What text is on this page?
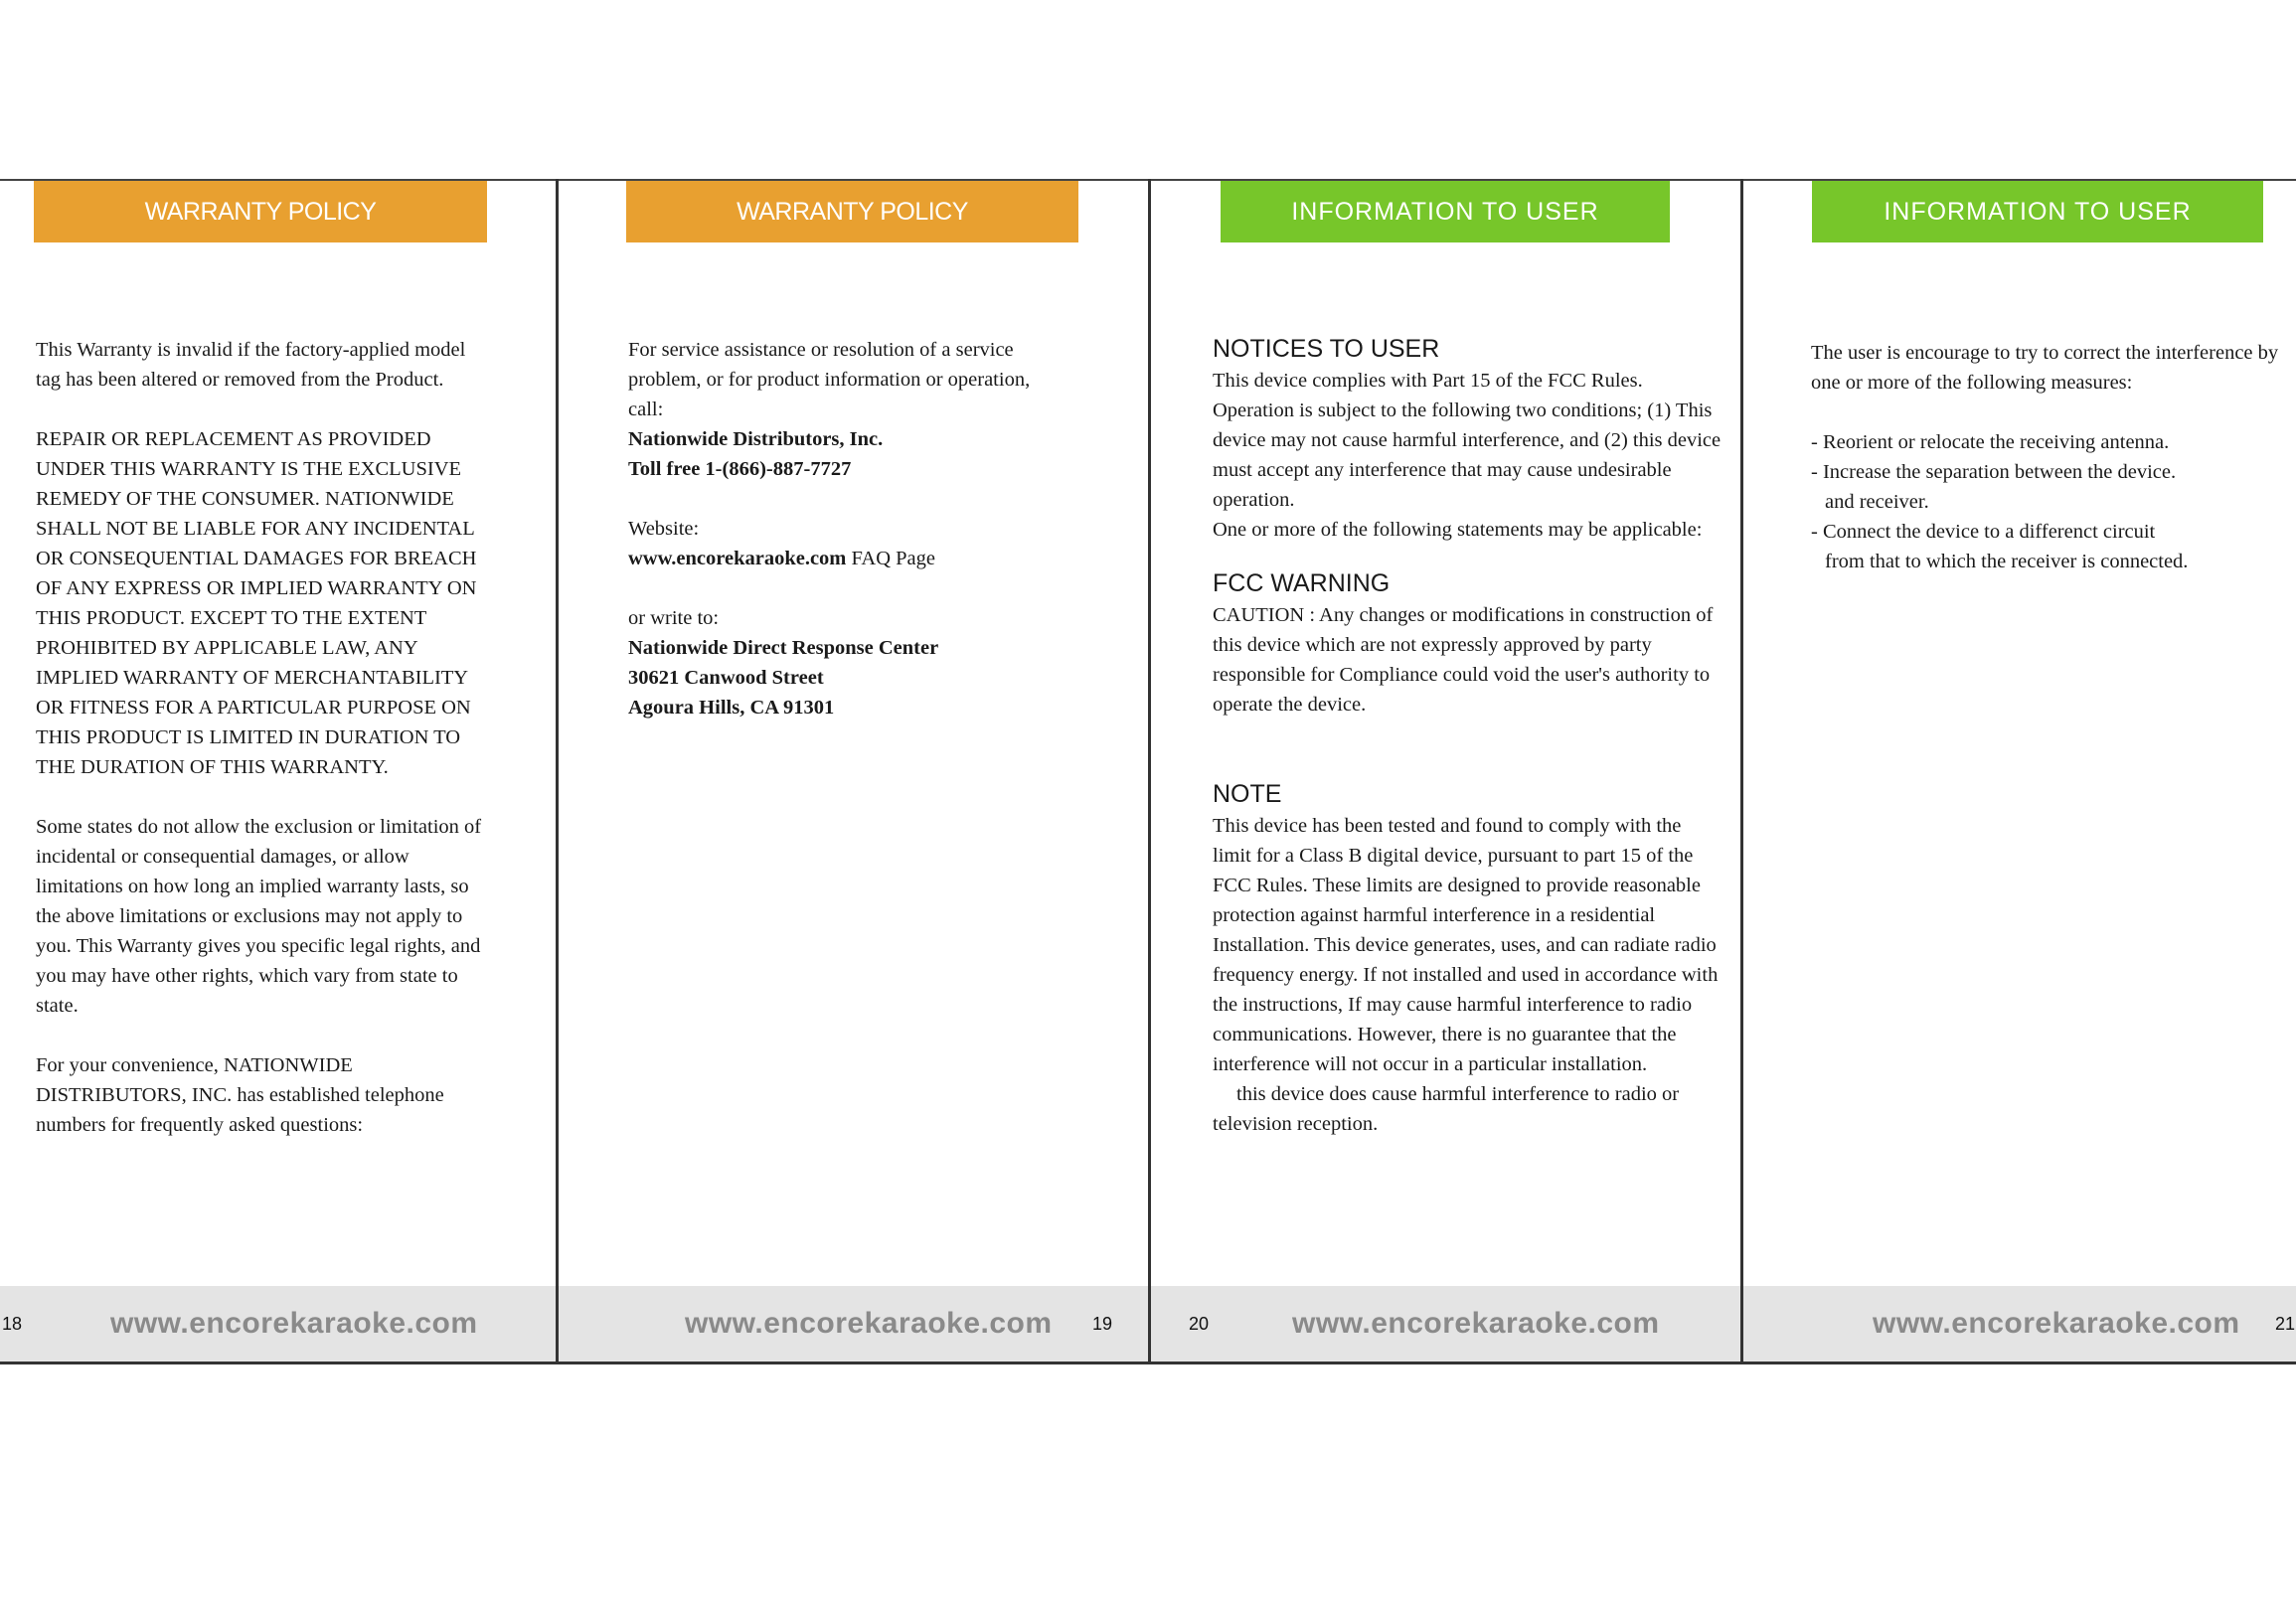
WARRANTY POLICY

This Warranty is invalid if the factory-applied model tag has been altered or removed from the Product.

REPAIR OR REPLACEMENT AS PROVIDED UNDER THIS WARRANTY IS THE EXCLUSIVE REMEDY OF THE CONSUMER. NATIONWIDE SHALL NOT BE LIABLE FOR ANY INCIDENTAL OR CONSEQUENTIAL DAMAGES FOR BREACH OF ANY EXPRESS OR IMPLIED WARRANTY ON THIS PRODUCT. EXCEPT TO THE EXTENT PROHIBITED BY APPLICABLE LAW, ANY IMPLIED WARRANTY OF MERCHANTABILITY OR FITNESS FOR A PARTICULAR PURPOSE ON THIS PRODUCT IS LIMITED IN DURATION TO THE DURATION OF THIS WARRANTY.

Some states do not allow the exclusion or limitation of incidental or consequential damages, or allow limitations on how long an implied warranty lasts, so the above limitations or exclusions may not apply to you. This Warranty gives you specific legal rights, and you may have other rights, which vary from state to state.

For your convenience, NATIONWIDE DISTRIBUTORS, INC. has established telephone numbers for frequently asked questions:

18	www.encorekaraoke.com
WARRANTY POLICY

For service assistance or resolution of a service problem, or for product information or operation, call:

Nationwide Distributors, Inc.

Toll free 1-(866)-887-7727

Website:

www.encorekaraoke.com FAQ Page

or write to:

Nationwide Direct Response Center

30621 Canwood Street

Agoura Hills, CA 91301

www.encorekaraoke.com 19
INFORMATION TO USER
NOTICES TO USER

This device complies with Part 15 of the FCC Rules. Operation is subject to the following two conditions; (1) This device may not cause harmful interference, and (2) this device must accept any interference that may cause undesirable operation.

One or more of the following statements may be applicable:

FCC WARNING

CAUTION : Any changes or modifications in construction of this device which are not expressly approved by party responsible for Compliance could void the user's authority to operate the device.

NOTE

This device has been tested and found to comply with the limit for a Class B digital device, pursuant to part 15 of the FCC Rules. These limits are designed to provide reasonable protection against harmful interference in a residential Installation. This device generates, uses, and can radiate radio frequency energy. If not installed and used in accordance with the instructions, If may cause harmful interference to radio communications. However, there is no guarantee that the interference will not occur in a particular installation.

this device does cause harmful interference to radio or television reception.

20	www.encorekaraoke.com
INFORMATION TO USER

The user is encourage to try to correct the interference by one or more of the following measures:

- Reorient or relocate the receiving antenna.

- Increase the separation between the device.

and receiver.

- Connect the device to a differenct circuit

from that to which the receiver is connected.

www.encorekaraoke.com 21
